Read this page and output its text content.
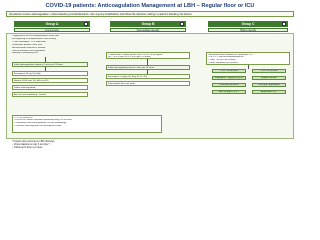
COVID-19 patients: Anticoagulation Management at LBH – Regular floor or ICU
All patients receive anticoagulation, unless bleeding contraindications. Use 4-group stratification and follow the decision making in patient’s bleeding risk factors
Group A
Low intensity
Group B
Intermediate intensity
Group C
Higher intensity
• Hypotheses are no thromboembolic event from
the beginning of hospitalization in the territory
• Plain Fibrinogen – ICU admission
• A baseline platelet count, with
documentation entered as needed
• All consultations and coagulation
ordering of laboratory tests
Initial anticoagulation (options) / units per 24 hours
Enoxaparin 40 mg SQ daily
Heparin 5000 units SQ q8h or q12h
Follow anticoagulation
Anti-Xa level monitoring / consult
• Patient with D-dimer greater than 3.0 (≥ 6 ULN) mg/mL
(or… in ICU plus FiO2 ≥ 50% per ICU team)
Initial anticoagulation doses / units per 24 hours
Enoxaparin 1 mg/kg SQ daily (CrCl <30)
Intermediate dose per team
• All patients with confirmed or suspected VTE
• PE, DVT, arterial thromboembolism
• CRRT / ECMO line clotting
• Other indications for full dose
CrCl > 30 mL/min	CrCl ≤ 30 mL/min
Enoxaparin 1 mg/kg SQ q12h	Heparin infusion
UFH drip (no bolus)	UFH drip / Argatroban
Anti-Xa goal 0.3–0.7	Argatroban / HIT
ICU considerations:
• For risk of D-dimer elevation monitored every 24–48 hours
• If bleeding: hold anticoagulation, consult hematology
• Consider anticoagulation at discharge per team
* Heparin drip protocol per LBH pharmacy
– Check platelets on day 3 and day 7
– Follow-up D-dimer per team
